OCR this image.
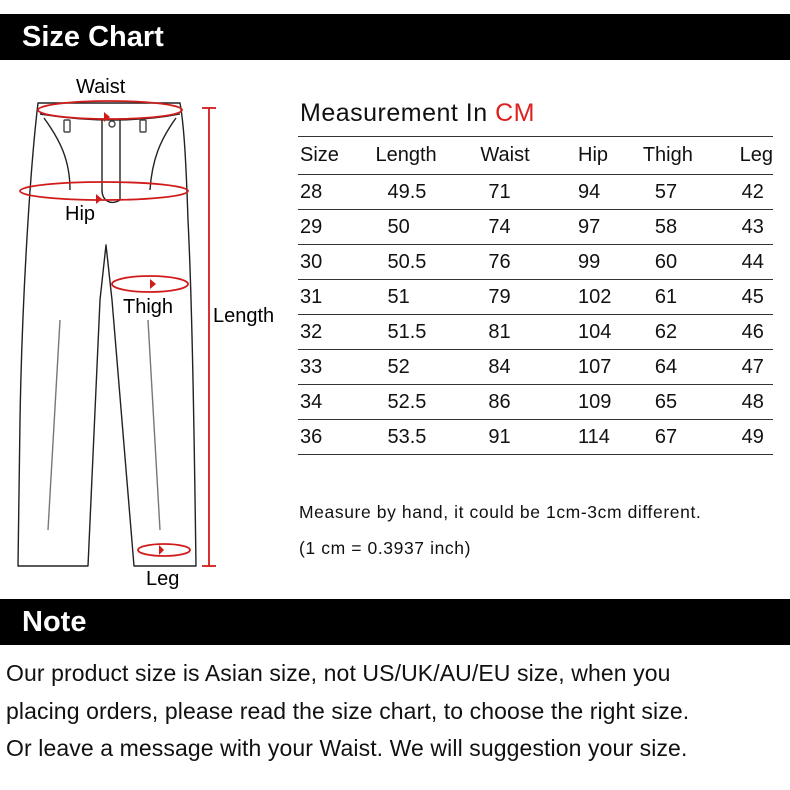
Size Chart
Waist
Hip
Thigh Length
Leg
Measurement In CM
Size	Length	Waist	Hip	Thigh	Leg
28	49.5	71	94	57	42
29	50	74	97	58	43
30	50.5	76	99	60	44
31	51	79	102	61	45
32	51.5	81	104	62	46
33	52	84	107	64	47
34	52.5	86	109	65	48
36	53.5	91	114	67	49
Measure by hand, it could be 1cm-3cm different.
(1 cm = 0.3937 inch)
Note
Our product size is Asian size, not US/UK/AU/EU size, when you
placing orders, please read the size chart, to choose the right size.
Or leave a message with your Waist. We will suggestion your size.
